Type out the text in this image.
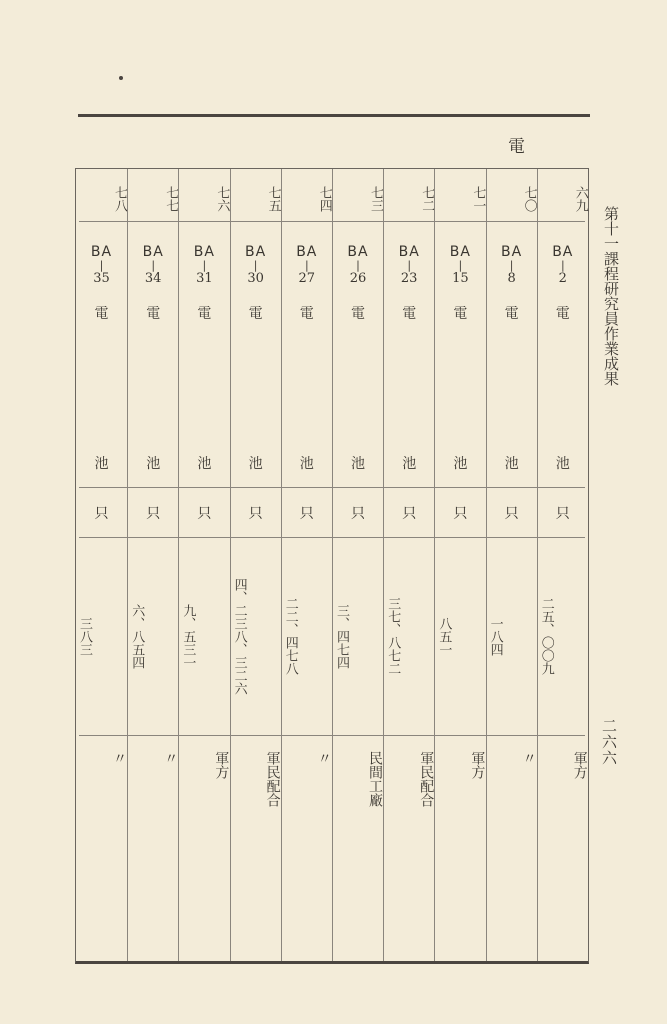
電
第十一課程研究員作業成果
二六六
七八
BA
|
35
電
池
只
三八三
〃
七七
BA
|
34
電
池
只
六、八五四
〃
七六
BA
|
31
電
池
只
九、五三一
軍方
七五
BA
|
30
電
池
只
四、二三八、三二六
軍民配合
七四
BA
|
27
電
池
只
二二、四七八
〃
七三
BA
|
26
電
池
只
三、四七四
民間工廠
七二
BA
|
23
電
池
只
三七、八七二
軍民配合
七一
BA
|
15
電
池
只
八五一
軍方
七〇
BA
|
8
電
池
只
一八四
〃
六九
BA
|
2
電
池
只
二五、〇〇九
軍方
